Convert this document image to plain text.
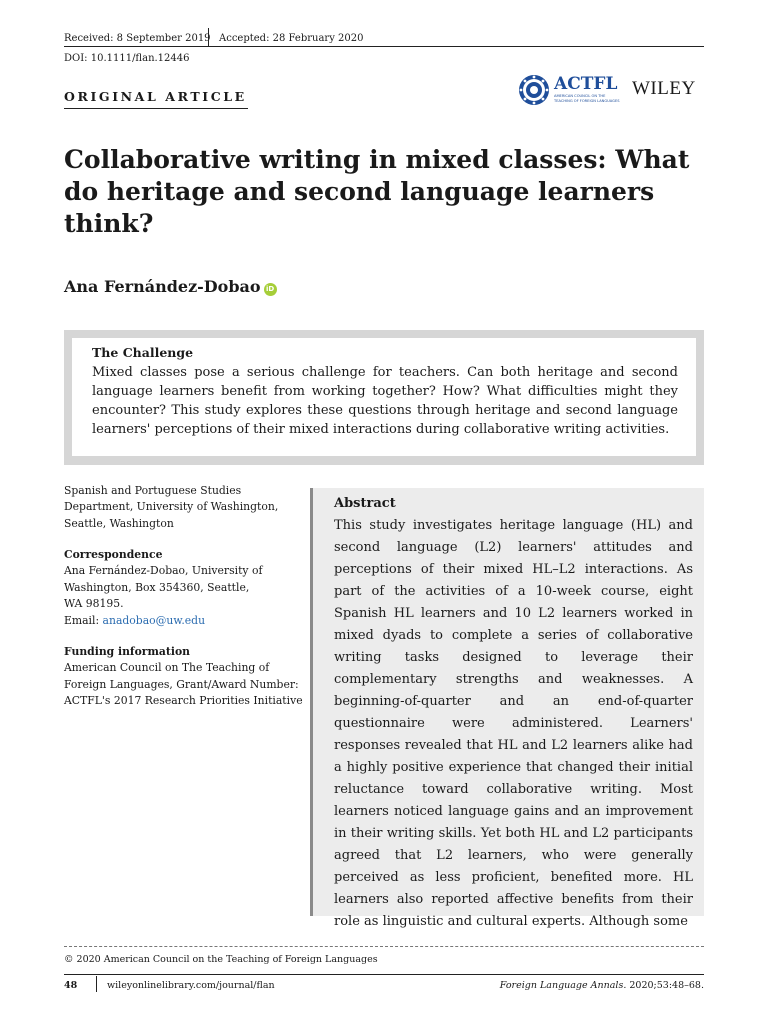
Received: 8 September 2019 Accepted: 28 February 2020
DOI: 10.1111/flan.12446
ORIGINAL ARTICLE
ACTFL
AMERICAN COUNCIL ON THE
TEACHING OF FOREIGN LANGUAGES
WILEY
Collaborative writing in mixed classes: What
do heritage and second language learners
think?
Ana Fernández-Dobao iD
The Challenge
Mixed classes pose a serious challenge for teachers. Can both heritage and second language learners benefit from working together? How? What difficulties might they encounter? This study explores these questions through heritage and second language learners' perceptions of their mixed interactions during collaborative writing activities.
Spanish and Portuguese Studies
Department, University of Washington,
Seattle, Washington
Correspondence
Ana Fernández-Dobao, University of
Washington, Box 354360, Seattle,
WA 98195.
Email: anadobao@uw.edu
Funding information
American Council on The Teaching of
Foreign Languages, Grant/Award Number:
ACTFL's 2017 Research Priorities Initiative
Abstract
This study investigates heritage language (HL) and second language (L2) learners' attitudes and perceptions of their mixed HL–L2 interactions. As part of the activities of a 10-week course, eight Spanish HL learners and 10 L2 learners worked in mixed dyads to complete a series of collaborative writing tasks designed to leverage their complementary strengths and weaknesses. A beginning-of-quarter and an end-of-quarter questionnaire were administered. Learners' responses revealed that HL and L2 learners alike had a highly positive experience that changed their initial reluctance toward collaborative writing. Most learners noticed language gains and an improvement in their writing skills. Yet both HL and L2 participants agreed that L2 learners, who were generally perceived as less proficient, benefited more. HL learners also reported affective benefits from their role as linguistic and cultural experts. Although some
© 2020 American Council on the Teaching of Foreign Languages
48	wileyonlinelibrary.com/journal/flan	Foreign Language Annals. 2020;53:48–68.
